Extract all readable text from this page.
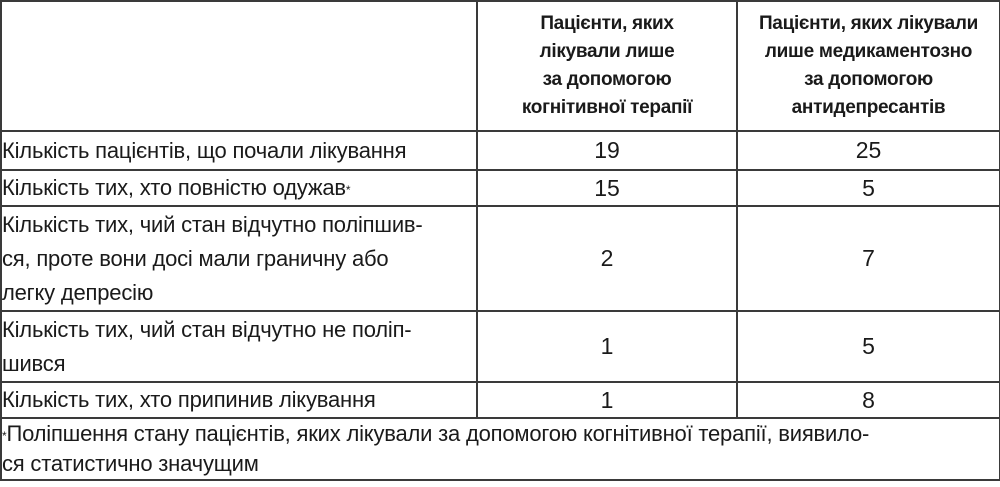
	Пацієнти, яких
лікували лише
за допомогою
когнітивної терапії	Пацієнти, яких лікували
лише медикаментозно
за допомогою
антидепресантів

Кількість пацієнтів, що почали лікування	19	25
Кількість тих, хто повністю одужав*	15	5

Кількість тих, чий стан відчутно поліпшив-
ся, проте вони досі мали граничну або
легку депресію	2	7

Кількість тих, чий стан відчутно не поліп-
шився	1	5

Кількість тих, хто припинив лікування	1	8

*Поліпшення стану пацієнтів, яких лікували за допомогою когнітивної терапії, виявило-
ся статистично значущим		
